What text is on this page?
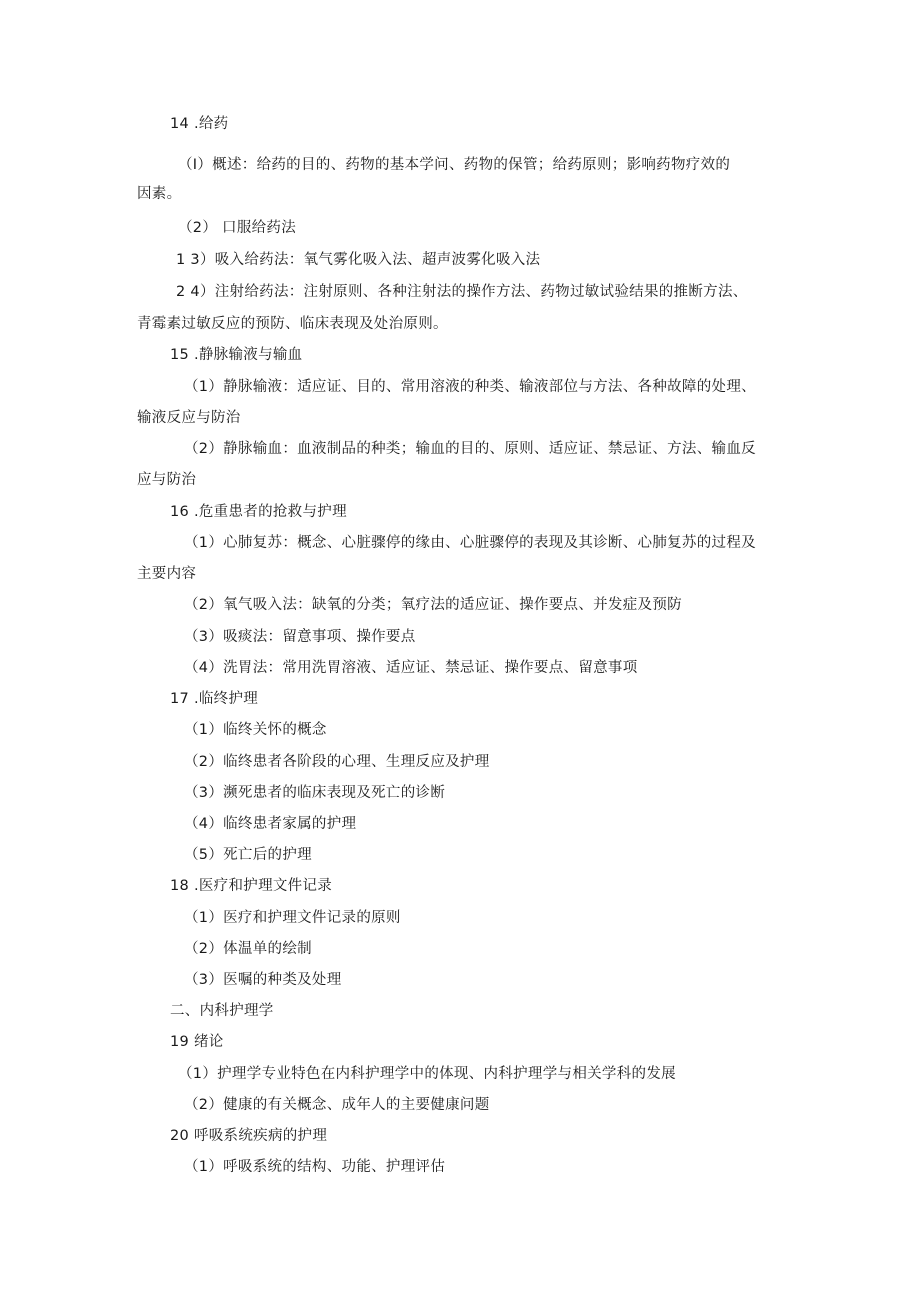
14 .给药
（I）概述：给药的目的、药物的基本学问、药物的保管；给药原则；影响药物疗效的
因素。
（2） 口服给药法
1 3）吸入给药法：氧气雾化吸入法、超声波雾化吸入法
2 4）注射给药法：注射原则、各种注射法的操作方法、药物过敏试验结果的推断方法、
青霉素过敏反应的预防、临床表现及处治原则。
15 .静脉输液与输血
（1）静脉输液：适应证、目的、常用溶液的种类、输液部位与方法、各种故障的处理、
输液反应与防治
（2）静脉输血：血液制品的种类；输血的目的、原则、适应证、禁忌证、方法、输血反
应与防治
16 .危重患者的抢救与护理
（1）心肺复苏：概念、心脏骤停的缘由、心脏骤停的表现及其诊断、心肺复苏的过程及
主要内容
（2）氧气吸入法：缺氧的分类；氧疗法的适应证、操作要点、并发症及预防
（3）吸痰法：留意事项、操作要点
（4）洗胃法：常用洗胃溶液、适应证、禁忌证、操作要点、留意事项
17 .临终护理
（1）临终关怀的概念
（2）临终患者各阶段的心理、生理反应及护理
（3）濒死患者的临床表现及死亡的诊断
（4）临终患者家属的护理
（5）死亡后的护理
18 .医疗和护理文件记录
（1）医疗和护理文件记录的原则
（2）体温单的绘制
（3）医嘱的种类及处理
二、内科护理学
19 绪论
（1）护理学专业特色在内科护理学中的体现、内科护理学与相关学科的发展
（2）健康的有关概念、成年人的主要健康问题
20 呼吸系统疾病的护理
（1）呼吸系统的结构、功能、护理评估
